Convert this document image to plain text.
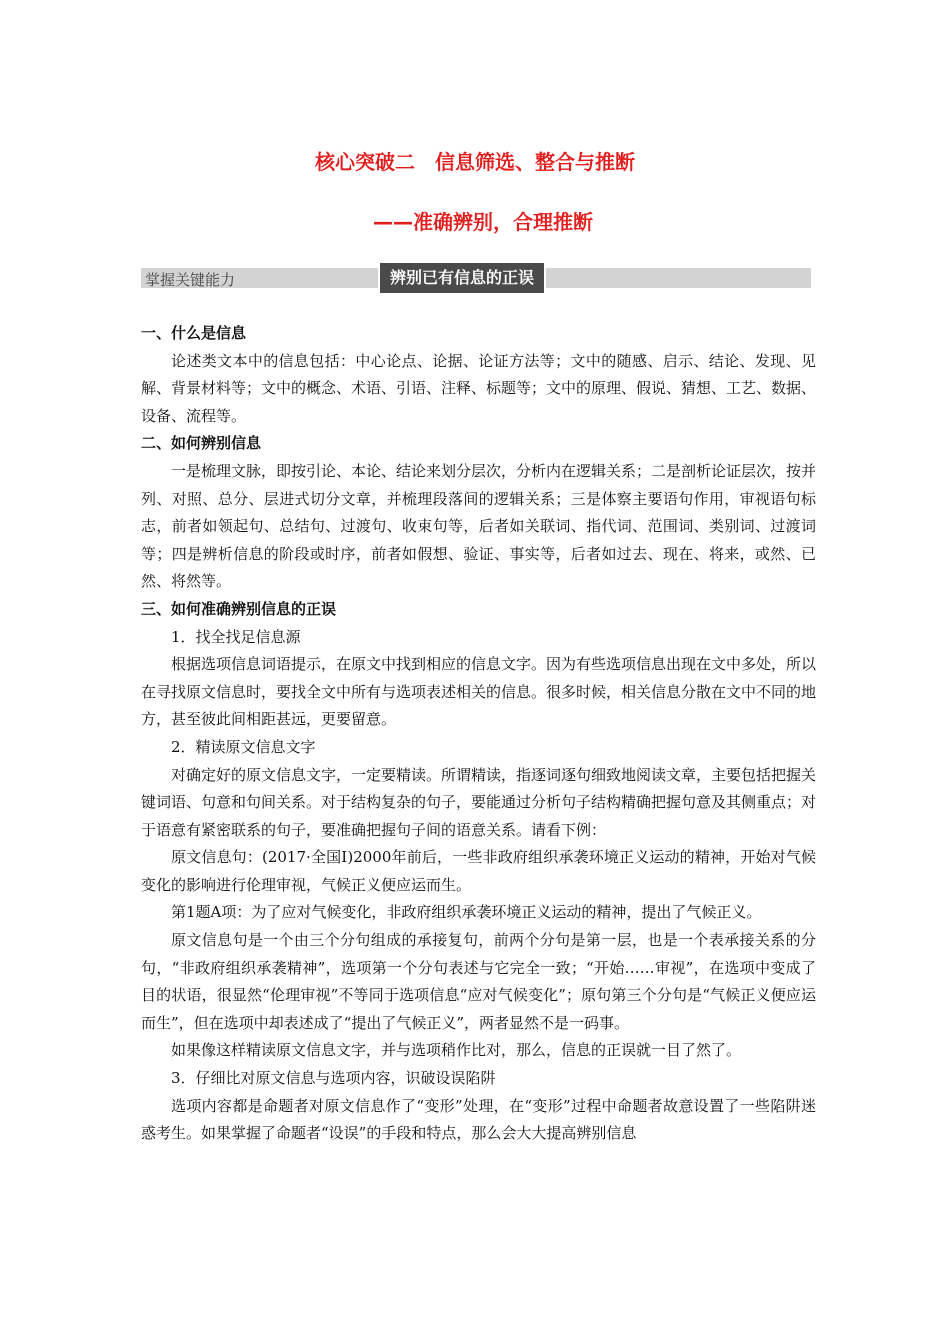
核心突破二　信息筛选、整合与推断
——准确辨别，合理推断
掌握关键能力	辨别已有信息的正误

一、什么是信息

论述类文本中的信息包括：中心论点、论据、论证方法等；文中的随感、启示、结论、发现、见解、背景材料等；文中的概念、术语、引语、注释、标题等；文中的原理、假说、猜想、工艺、数据、设备、流程等。

二、如何辨别信息

一是梳理文脉，即按引论、本论、结论来划分层次，分析内在逻辑关系；二是剖析论证层次，按并列、对照、总分、层进式切分文章，并梳理段落间的逻辑关系；三是体察主要语句作用，审视语句标志，前者如领起句、总结句、过渡句、收束句等，后者如关联词、指代词、范围词、类别词、过渡词等；四是辨析信息的阶段或时序，前者如假想、验证、事实等，后者如过去、现在、将来，或然、已然、将然等。

三、如何准确辨别信息的正误

1．找全找足信息源

根据选项信息词语提示，在原文中找到相应的信息文字。因为有些选项信息出现在文中多处，所以在寻找原文信息时，要找全文中所有与选项表述相关的信息。很多时候，相关信息分散在文中不同的地方，甚至彼此间相距甚远，更要留意。

2．精读原文信息文字

对确定好的原文信息文字，一定要精读。所谓精读，指逐词逐句细致地阅读文章，主要包括把握关键词语、句意和句间关系。对于结构复杂的句子，要能通过分析句子结构精确把握句意及其侧重点；对于语意有紧密联系的句子，要准确把握句子间的语意关系。请看下例：

原文信息句：(2017·全国Ⅰ)2000年前后，一些非政府组织承袭环境正义运动的精神，开始对气候变化的影响进行伦理审视，气候正义便应运而生。

第1题A项：为了应对气候变化，非政府组织承袭环境正义运动的精神，提出了气候正义。

原文信息句是一个由三个分句组成的承接复句，前两个分句是第一层，也是一个表承接关系的分句，“非政府组织承袭精神”，选项第一个分句表述与它完全一致；“开始……审视”，在选项中变成了目的状语，很显然“伦理审视”不等同于选项信息“应对气候变化”；原句第三个分句是“气候正义便应运而生”，但在选项中却表述成了“提出了气候正义”，两者显然不是一码事。

如果像这样精读原文信息文字，并与选项稍作比对，那么，信息的正误就一目了然了。

3．仔细比对原文信息与选项内容，识破设误陷阱

选项内容都是命题者对原文信息作了“变形”处理，在“变形”过程中命题者故意设置了一些陷阱迷惑考生。如果掌握了命题者“设误”的手段和特点，那么会大大提高辨别信息
